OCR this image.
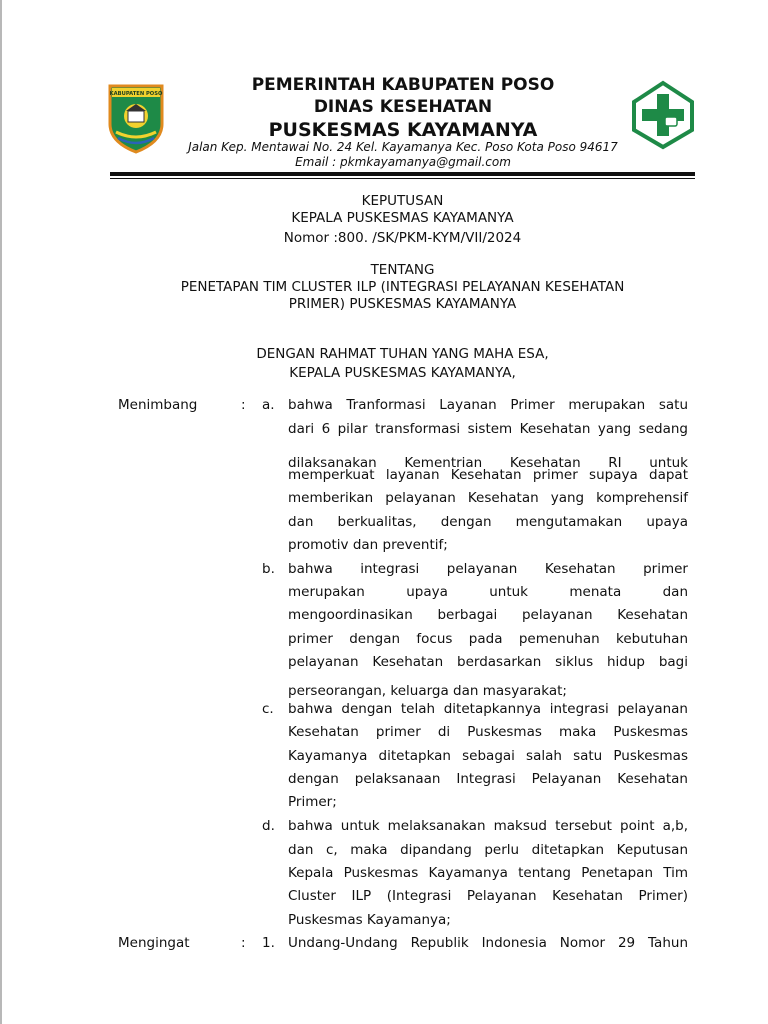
KABUPATEN POSO	PEMERINTAH KABUPATEN POSO
DINAS KESEHATAN
PUSKESMAS KAYAMANYA

Jalan Kep. Mentawai No. 24 Kel. Kayamanya Kec. Poso Kota Poso 94617

Email : pkmkayamanya@gmail.com

KEPUTUSAN

KEPALA PUSKESMAS KAYAMANYA

Nomor :800. /SK/PKM-KYM/VII/2024

TENTANG

PENETAPAN TIM CLUSTER ILP (INTEGRASI PELAYANAN KESEHATAN

PRIMER) PUSKESMAS KAYAMANYA

DENGAN RAHMAT TUHAN YANG MAHA ESA,

KEPALA PUSKESMAS KAYAMANYA,

Menimbang	: a. bahwa Tranformasi Layanan Primer merupakan satu

dari 6 pilar transformasi sistem Kesehatan yang sedang

dilaksanakan Kementrian Kesehatan RI untuk

memperkuat layanan Kesehatan primer supaya dapat

memberikan pelayanan Kesehatan yang komprehensif

dan berkualitas, dengan mengutamakan upaya

promotiv dan preventif;

b. bahwa integrasi pelayanan Kesehatan primer

merupakan upaya untuk menata dan

mengoordinasikan berbagai pelayanan Kesehatan

primer dengan focus pada pemenuhan kebutuhan

pelayanan Kesehatan berdasarkan siklus hidup bagi

perseorangan, keluarga dan masyarakat;

c. bahwa dengan telah ditetapkannya integrasi pelayanan

Kesehatan primer di Puskesmas maka Puskesmas

Kayamanya ditetapkan sebagai salah satu Puskesmas

dengan pelaksanaan Integrasi Pelayanan Kesehatan

Primer;

d. bahwa untuk melaksanakan maksud tersebut point a,b,

dan c, maka dipandang perlu ditetapkan Keputusan

Kepala Puskesmas Kayamanya tentang Penetapan Tim

Cluster ILP (Integrasi Pelayanan Kesehatan Primer)

Puskesmas Kayamanya;

Mengingat	: 1. Undang-Undang Republik Indonesia Nomor 29 Tahun
